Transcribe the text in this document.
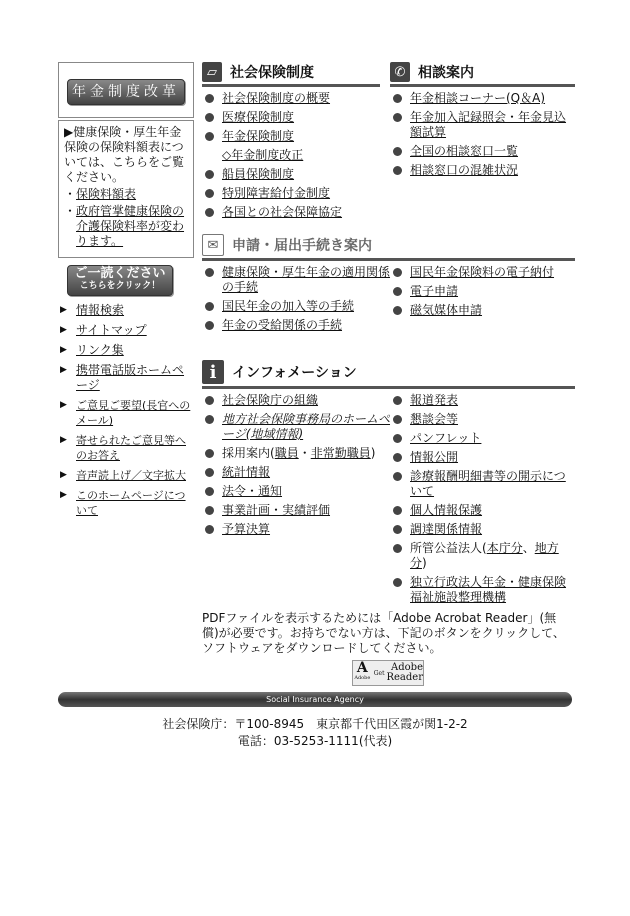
年金制度改革
▶健康保険・厚生年金保険の保険料額表については、こちらをご覧ください。
・ 保険料額表
・ 政府管掌健康保険の介護保険料率が変わります。
ご一読ください
こちらをクリック！
▶ 情報検索
▶ サイトマップ
▶ リンク集
▶ 携帯電話版ホームページ
▶ ご意見ご要望(長官へのメール)
▶ 寄せられたご意見等へのお答え
▶ 音声読上げ／文字拡大
▶ このホームページについて
▱ 社会保険制度
社会保険制度の概要
医療保険制度
年金保険制度
◇年金制度改正
船員保険制度
特別障害給付金制度
各国との社会保障協定
✆ 相談案内
年金相談コーナー(Q＆A)
年金加入記録照会・年金見込額試算
全国の相談窓口一覧
相談窓口の混雑状況
✉ 申請・届出手続き案内
健康保険・厚生年金の適用関係の手続
国民年金の加入等の手続
年金の受給関係の手続
国民年金保険料の電子納付
電子申請
磁気媒体申請
i	インフォメーション
社会保険庁の組織
地方社会保険事務局のホームページ(地域情報)
採用案内(職員・非常勤職員)
統計情報
法令・通知
事業計画・実績評価
予算決算
報道発表
懇談会等
パンフレット
情報公開
診療報酬明細書等の開示について
個人情報保護
調達関係情報
所管公益法人(本庁分、地方分)
独立行政法人年金・健康保険福祉施設整理機構
PDFファイルを表示するためには「Adobe Acrobat Reader」(無償)が必要です。お持ちでない方は、下記のボタンをクリックして、ソフトウェアをダウンロードしてください。
A
Adobe
Get Adobe
Reader
Social Insurance Agency
社会保険庁：〒100-8945　東京都千代田区霞が関1-2-2
電話：03-5253-1111(代表)
